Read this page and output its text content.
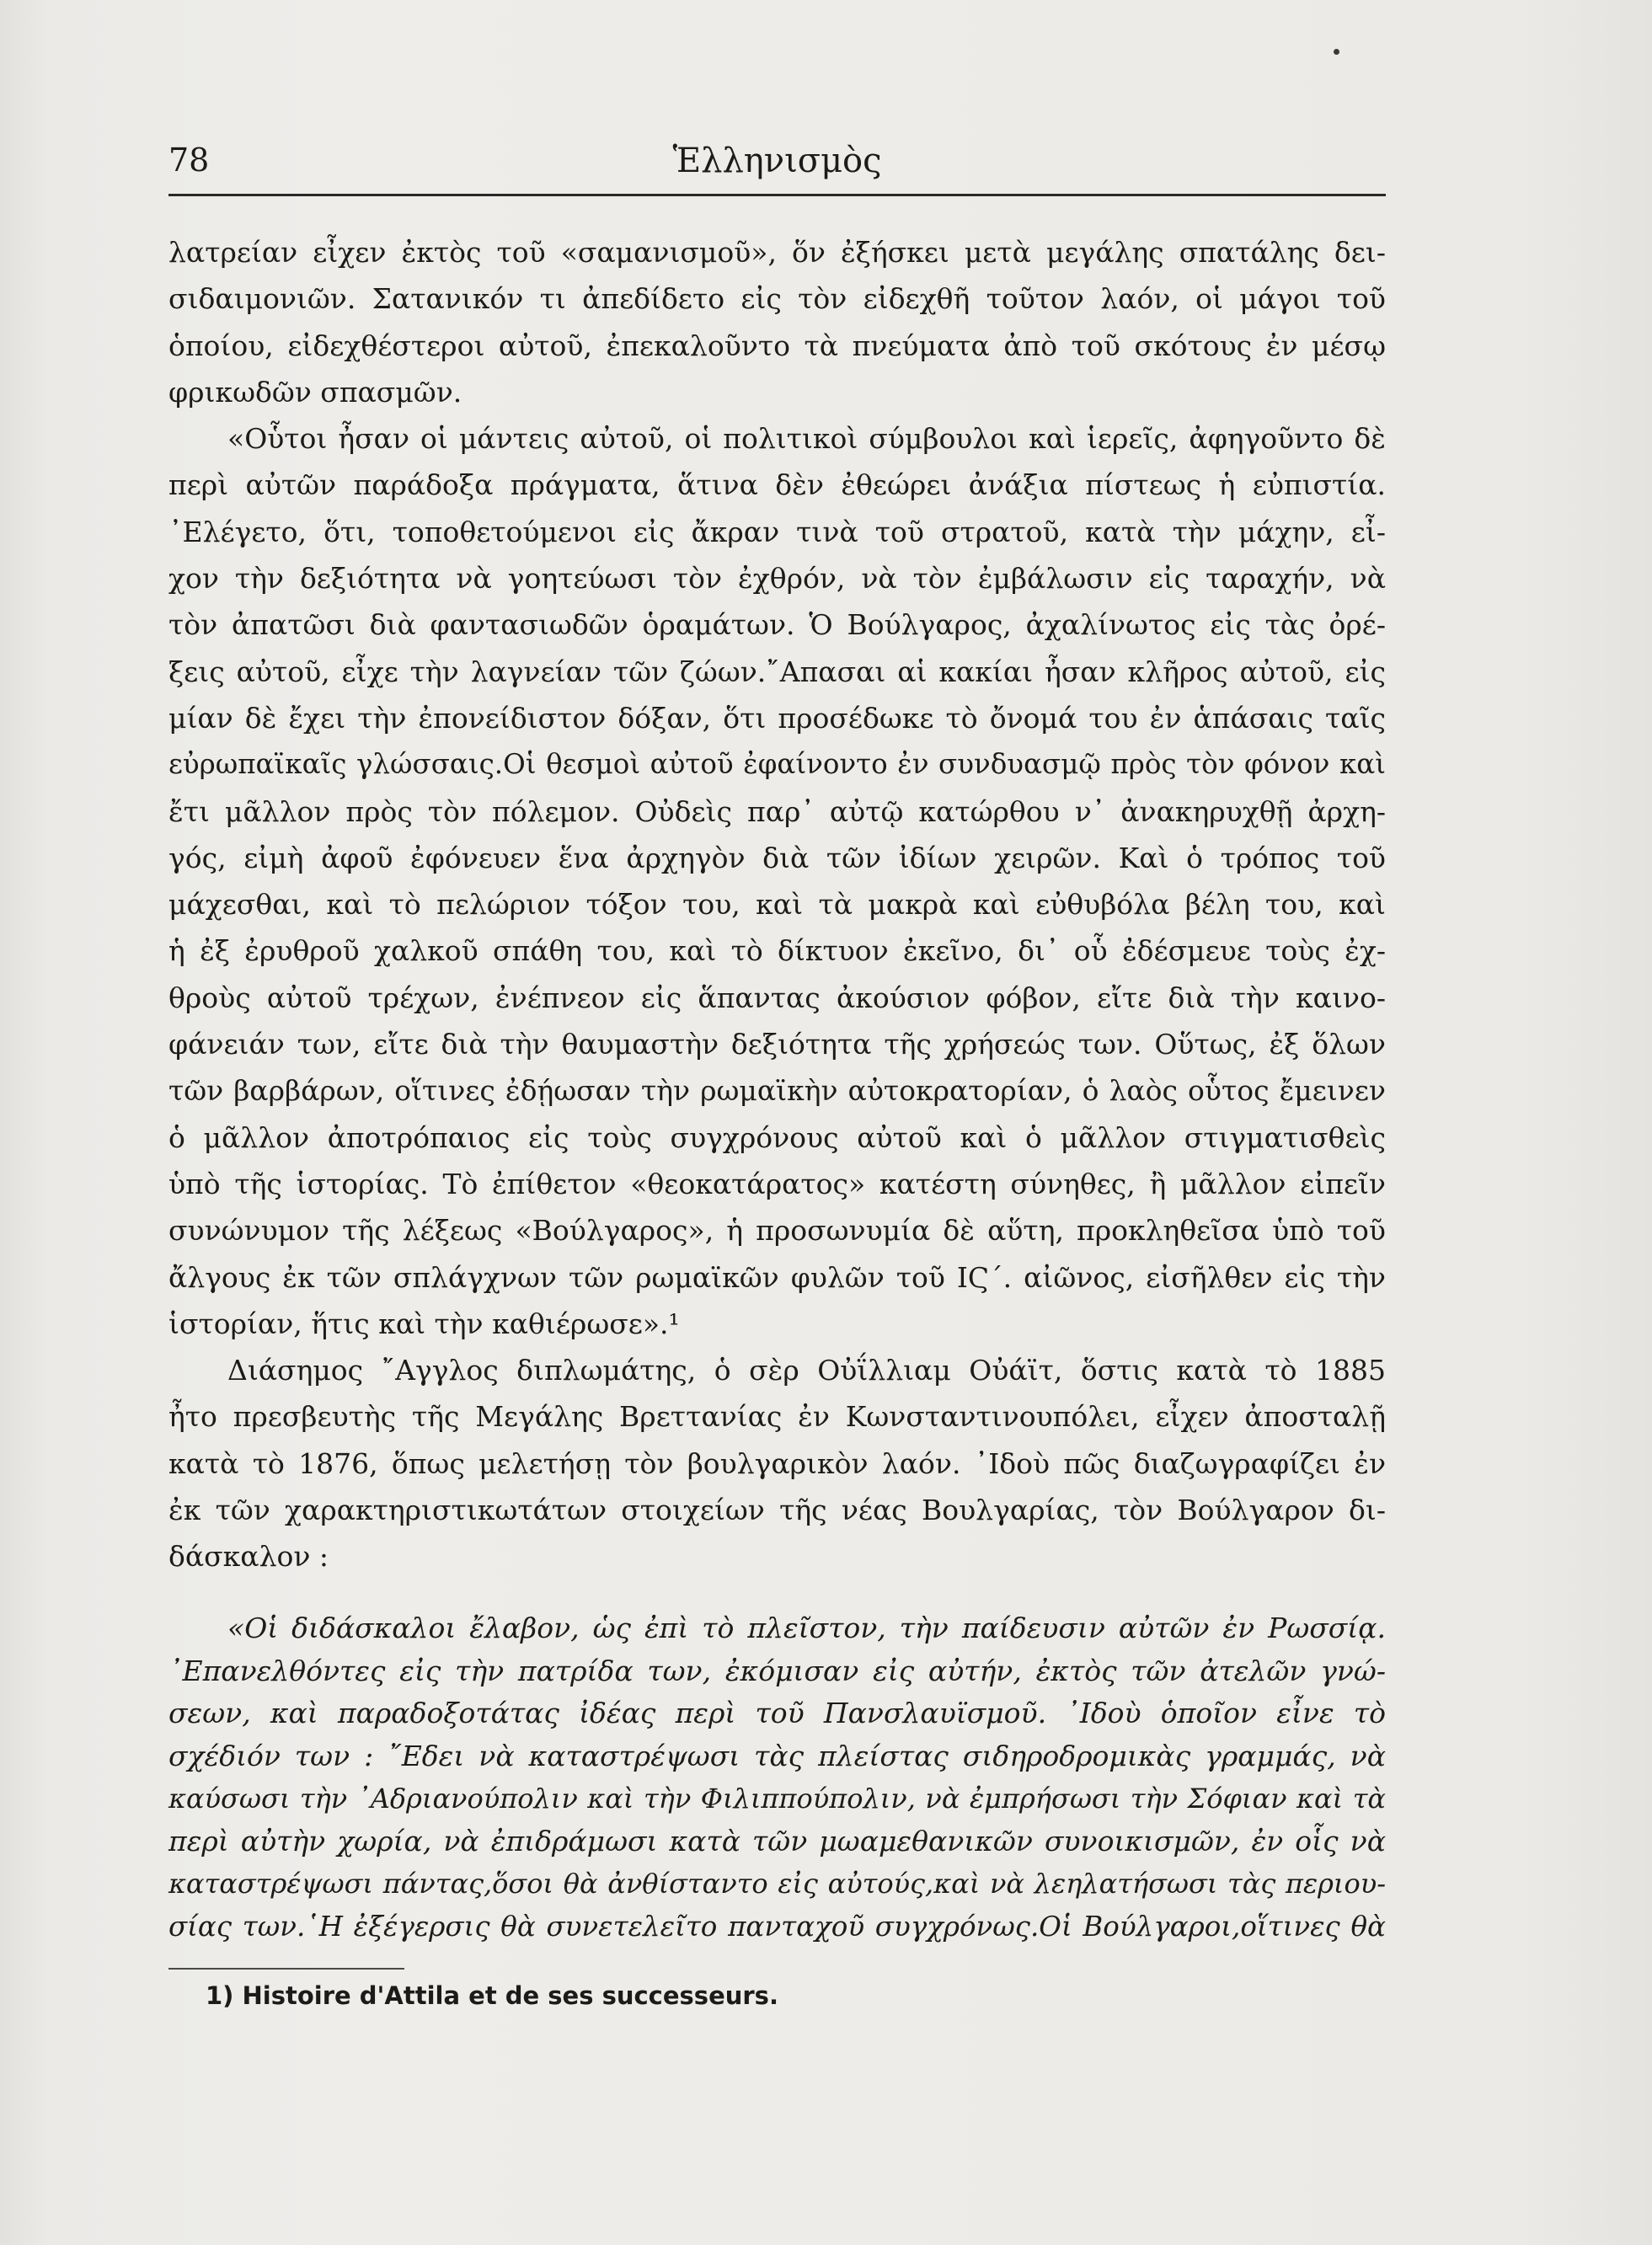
78	Ἑλληνισμὸς
λατρείαν εἶχεν ἐκτὸς τοῦ «σαμανισμοῦ», ὅν ἐξήσκει μετὰ μεγάλης σπατάλης δει-
σιδαιμονιῶν. Σατανικόν τι ἀπεδίδετο εἰς τὸν εἰδεχθῆ τοῦτον λαόν, οἱ μάγοι τοῦ
ὁποίου, εἰδεχθέστεροι αὐτοῦ, ἐπεκαλοῦντο τὰ πνεύματα ἀπὸ τοῦ σκότους ἐν μέσῳ
φρικωδῶν σπασμῶν.
«Οὗτοι ἦσαν οἱ μάντεις αὐτοῦ, οἱ πολιτικοὶ σύμβουλοι καὶ ἱερεῖς, ἀφηγοῦντο δὲ
περὶ αὐτῶν παράδοξα πράγματα, ἅτινα δὲν ἐθεώρει ἀνάξια πίστεως ἡ εὐπιστία.
᾿Ελέγετο, ὅτι, τοποθετούμενοι εἰς ἄκραν τινὰ τοῦ στρατοῦ, κατὰ τὴν μάχην, εἶ-
χον τὴν δεξιότητα νὰ γοητεύωσι τὸν ἐχθρόν, νὰ τὸν ἐμβάλωσιν εἰς ταραχήν, νὰ
τὸν ἀπατῶσι διὰ φαντασιωδῶν ὁραμάτων. Ὁ Βούλγαρος, ἀχαλίνωτος εἰς τὰς ὀρέ-
ξεις αὐτοῦ, εἶχε τὴν λαγνείαν τῶν ζώων.῎Απασαι αἱ κακίαι ἦσαν κλῆρος αὐτοῦ, εἰς
μίαν δὲ ἔχει τὴν ἐπονείδιστον δόξαν, ὅτι προσέδωκε τὸ ὄνομά του ἐν ἁπάσαις ταῖς
εὐρωπαϊκαῖς γλώσσαις.Οἱ θεσμοὶ αὐτοῦ ἐφαίνοντο ἐν συνδυασμῷ πρὸς τὸν φόνον καὶ
ἔτι μᾶλλον πρὸς τὸν πόλεμον. Οὐδεὶς παρ᾿ αὐτῷ κατώρθου ν᾿ ἀνακηρυχθῇ ἀρχη-
γός, εἰμὴ ἀφοῦ ἐφόνευεν ἕνα ἀρχηγὸν διὰ τῶν ἰδίων χειρῶν. Καὶ ὁ τρόπος τοῦ
μάχεσθαι, καὶ τὸ πελώριον τόξον του, καὶ τὰ μακρὰ καὶ εὐθυβόλα βέλη του, καὶ
ἡ ἐξ ἐρυθροῦ χαλκοῦ σπάθη του, καὶ τὸ δίκτυον ἐκεῖνο, δι᾿ οὗ ἐδέσμευε τοὺς ἐχ-
θροὺς αὐτοῦ τρέχων, ἐνέπνεον εἰς ἅπαντας ἀκούσιον φόβον, εἴτε διὰ τὴν καινο-
φάνειάν των, εἴτε διὰ τὴν θαυμαστὴν δεξιότητα τῆς χρήσεώς των. Οὕτως, ἐξ ὅλων
τῶν βαρβάρων, οἵτινες ἐδῄωσαν τὴν ρωμαϊκὴν αὐτοκρατορίαν, ὁ λαὸς οὗτος ἔμεινεν
ὁ μᾶλλον ἀποτρόπαιος εἰς τοὺς συγχρόνους αὐτοῦ καὶ ὁ μᾶλλον στιγματισθεὶς
ὑπὸ τῆς ἱστορίας. Τὸ ἐπίθετον «θεοκατάρατος» κατέστη σύνηθες, ἢ μᾶλλον εἰπεῖν
συνώνυμον τῆς λέξεως «Βούλγαρος», ἡ προσωνυμία δὲ αὕτη, προκληθεῖσα ὑπὸ τοῦ
ἄλγους ἐκ τῶν σπλάγχνων τῶν ρωμαϊκῶν φυλῶν τοῦ ΙϚ΄. αἰῶνος, εἰσῆλθεν εἰς τὴν
ἱστορίαν, ἥτις καὶ τὴν καθιέρωσε».¹
Διάσημος ῎Αγγλος διπλωμάτης, ὁ σὲρ Οὐΐλλιαμ Οὐάϊτ, ὅστις κατὰ τὸ 1885
ἦτο πρεσβευτὴς τῆς Μεγάλης Βρεττανίας ἐν Κωνσταντινουπόλει, εἶχεν ἀποσταλῇ
κατὰ τὸ 1876, ὅπως μελετήσῃ τὸν βουλγαρικὸν λαόν. ᾿Ιδοὺ πῶς διαζωγραφίζει ἐν
ἐκ τῶν χαρακτηριστικωτάτων στοιχείων τῆς νέας Βουλγαρίας, τὸν Βούλγαρον δι-
δάσκαλον :
«Οἱ διδάσκαλοι ἔλαβον, ὡς ἐπὶ τὸ πλεῖστον, τὴν παίδευσιν αὐτῶν ἐν Ρωσσίᾳ.
᾿Επανελθόντες εἰς τὴν πατρίδα των, ἐκόμισαν εἰς αὐτήν, ἐκτὸς τῶν ἀτελῶν γνώ-
σεων, καὶ παραδοξοτάτας ἰδέας περὶ τοῦ Πανσλαυϊσμοῦ. ᾿Ιδοὺ ὁποῖον εἶνε τὸ
σχέδιόν των : ῎Εδει νὰ καταστρέψωσι τὰς πλείστας σιδηροδρομικὰς γραμμάς, νὰ
καύσωσι τὴν ᾿Αδριανούπολιν καὶ τὴν Φιλιππούπολιν, νὰ ἐμπρήσωσι τὴν Σόφιαν καὶ τὰ
περὶ αὐτὴν χωρία, νὰ ἐπιδράμωσι κατὰ τῶν μωαμεθανικῶν συνοικισμῶν, ἐν οἷς νὰ
καταστρέψωσι πάντας,ὅσοι θὰ ἀνθίσταντο εἰς αὐτούς,καὶ νὰ λεηλατήσωσι τὰς περιου-
σίας των.῾Η ἐξέγερσις θὰ συνετελεῖτο πανταχοῦ συγχρόνως.Οἱ Βούλγαροι,οἵτινες θὰ
1) Histoire d'Attila et de ses successeurs.
